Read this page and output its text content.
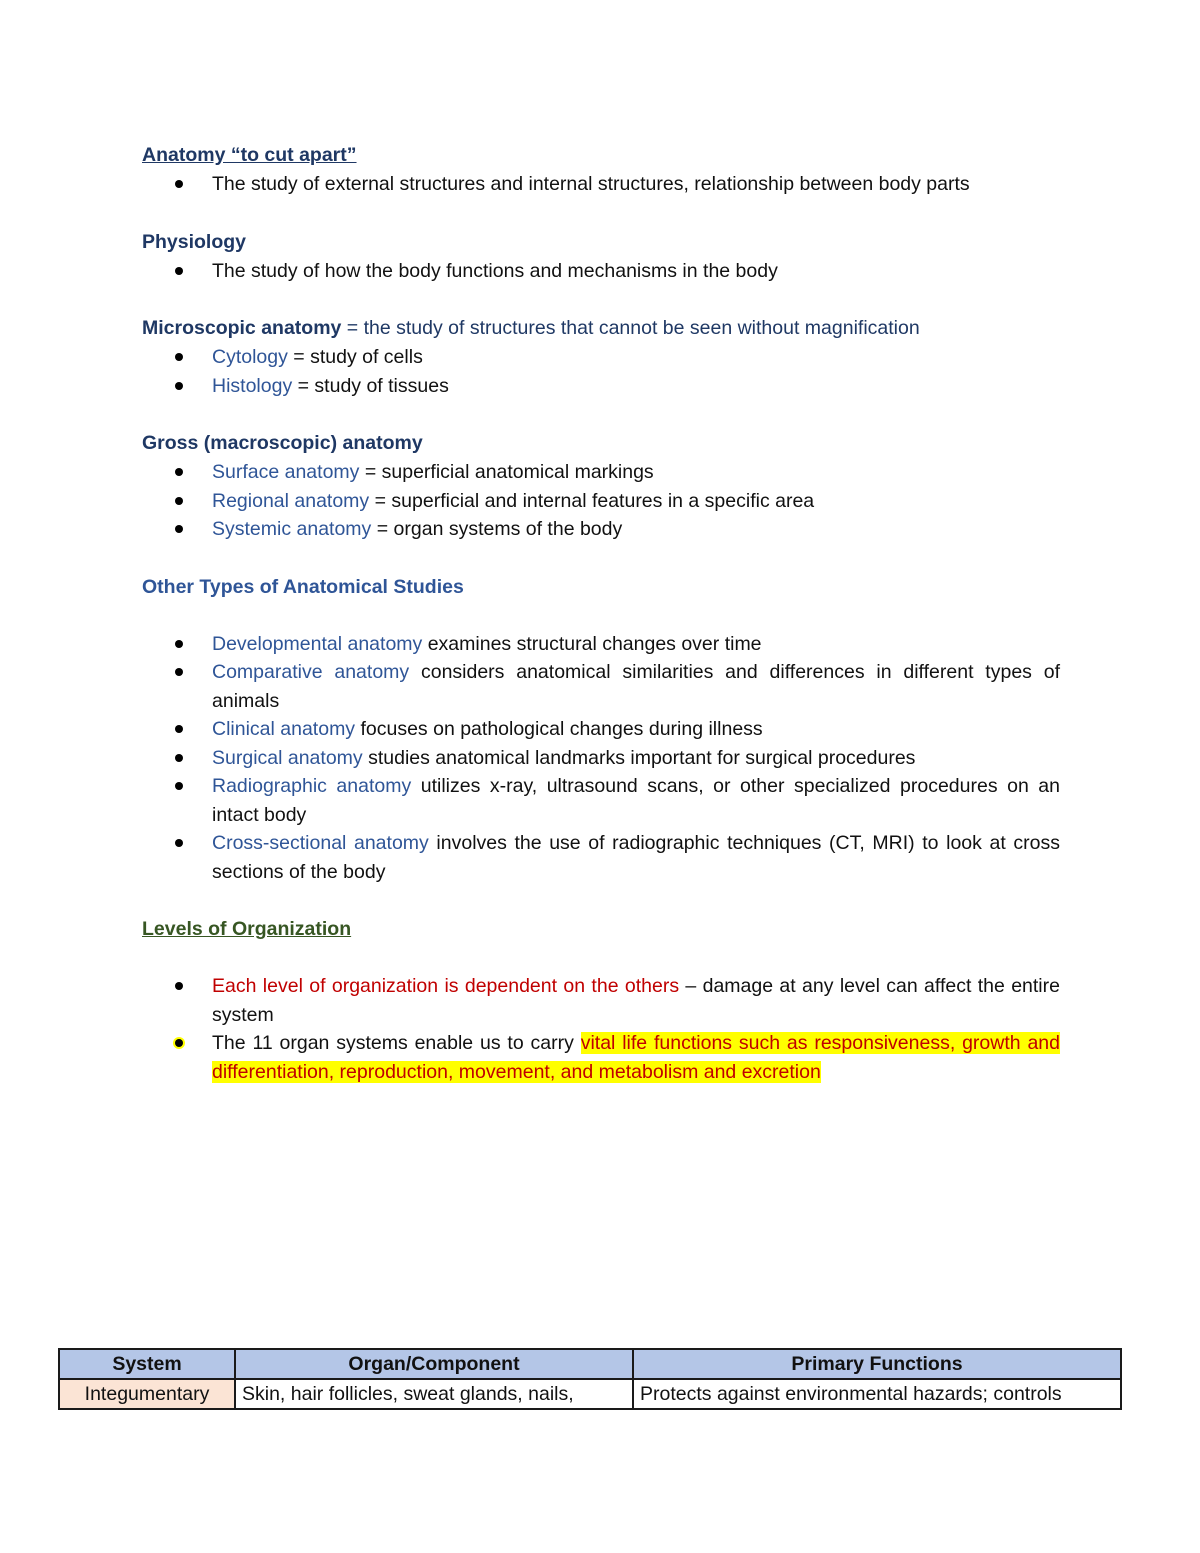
Anatomy “to cut apart”

The study of external structures and internal structures, relationship between body parts

Physiology

The study of how the body functions and mechanisms in the body

Microscopic anatomy = the study of structures that cannot be seen without magnification

Cytology = study of cells
Histology = study of tissues

Gross (macroscopic) anatomy

Surface anatomy = superficial anatomical markings
Regional anatomy = superficial and internal features in a specific area
Systemic anatomy = organ systems of the body

Other Types of Anatomical Studies

Developmental anatomy examines structural changes over time
Comparative anatomy considers anatomical similarities and differences in different types of animals
Clinical anatomy focuses on pathological changes during illness
Surgical anatomy studies anatomical landmarks important for surgical procedures
Radiographic anatomy utilizes x-ray, ultrasound scans, or other specialized procedures on an intact body
Cross-sectional anatomy involves the use of radiographic techniques (CT, MRI) to look at cross sections of the body

Levels of Organization

Each level of organization is dependent on the others – damage at any level can affect the entire system
The 11 organ systems enable us to carry vital life functions such as responsiveness, growth and differentiation, reproduction, movement, and metabolism and excretion
System	Organ/Component	Primary Functions
Integumentary	Skin, hair follicles, sweat glands, nails,	Protects against environmental hazards; controls
